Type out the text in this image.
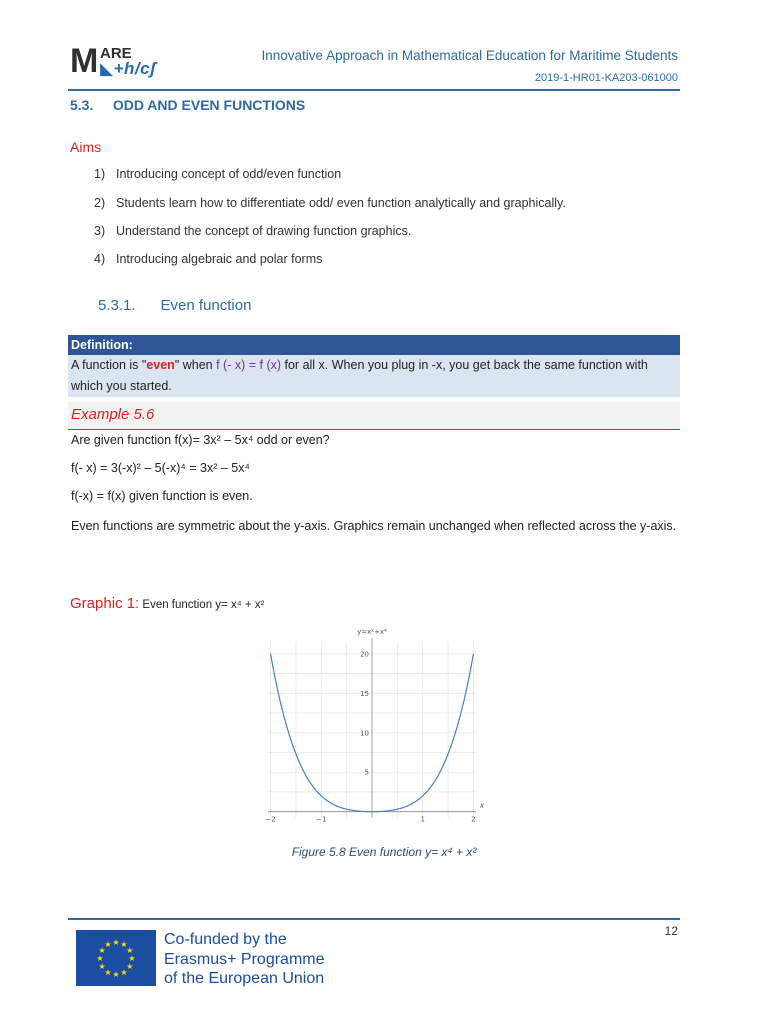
M ARE
◣+h/cʃ
Innovative Approach in Mathematical Education for Maritime Students
2019-1-HR01-KA203-061000
5.3. ODD AND EVEN FUNCTIONS
Aims
1) Introducing concept of odd/even function
2) Students learn how to differentiate odd/ even function analytically and graphically.
3) Understand the concept of drawing function graphics.
4) Introducing algebraic and polar forms
5.3.1. Even function
Definition:
A function is "even" when f (- x) = f (x) for all x. When you plug in -x, you get back the same function with which you started.
Example 5.6
Are given function f(x)= 3x² – 5x⁴ odd or even?
f(- x) = 3(-x)² – 5(-x)⁴ = 3x² – 5x⁴
f(-x) = f(x) given function is even.
Even functions are symmetric about the y-axis. Graphics remain unchanged when reflected across the y-axis.
Graphic 1: Even function y= x⁴ + x²
−2	−1	1	2
5
10
15
20
x
y=x²+x⁴
Figure 5.8 Even function y= x⁴ + x²
12
★
★
★
★
★
★
★
★
★ ★ ★
★
Co-funded by the
Erasmus+ Programme
of the European Union
